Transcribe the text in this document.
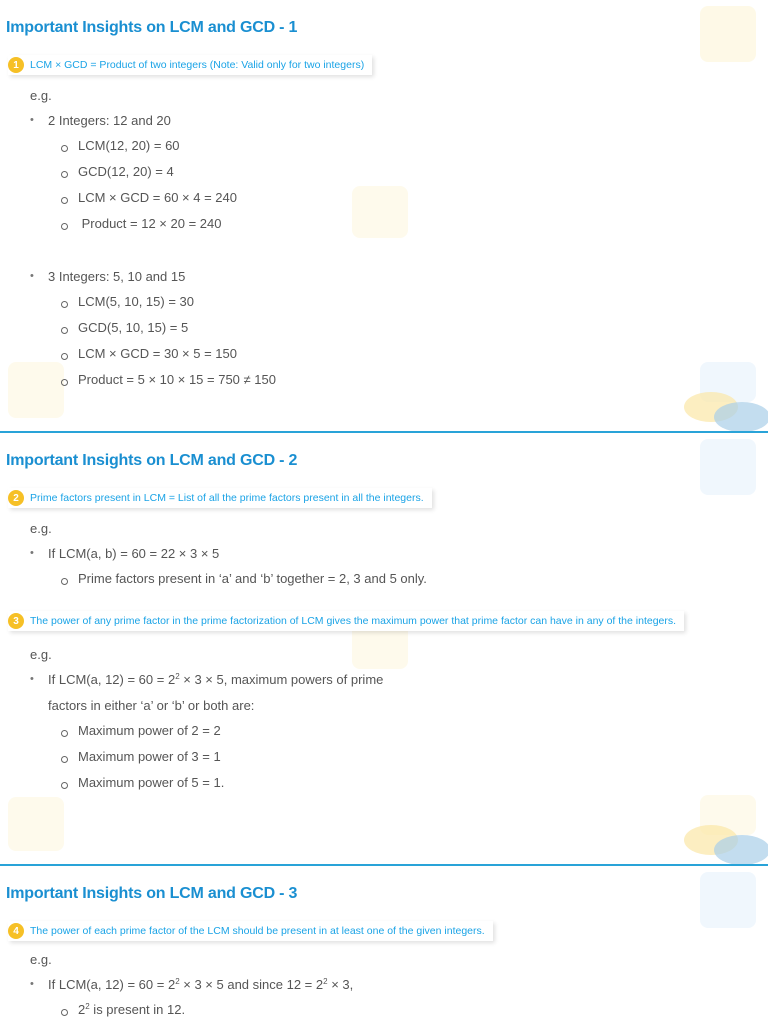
Important Insights on LCM and GCD - 1
1	LCM × GCD = Product of two integers (Note: Valid only for two integers)
e.g.
• 2 Integers: 12 and 20
LCM(12, 20) = 60
GCD(12, 20) = 4
LCM × GCD = 60 × 4 = 240
Product = 12 × 20 = 240
• 3 Integers: 5, 10 and 15
LCM(5, 10, 15) = 30
GCD(5, 10, 15) = 5
LCM × GCD = 30 × 5 = 150
Product = 5 × 10 × 15 = 750 ≠ 150
Important Insights on LCM and GCD - 2
2	Prime factors present in LCM = List of all the prime factors present in all the integers.
e.g.
• If LCM(a, b) = 60 = 22 × 3 × 5
Prime factors present in ‘a’ and ‘b’ together = 2, 3 and 5 only.
3	The power of any prime factor in the prime factorization of LCM gives the maximum power that prime factor can have in any of the integers.
e.g.
• If LCM(a, $12) = 60 = 2^2 \times 3 \times 5$, maximum powers of prime
factors in either ‘a’ or ‘b’ or both are:
Maximum power of 2 = 2
Maximum power of 3 = 1
Maximum power of 5 = 1.
Important Insights on LCM and GCD - 3
4	The power of each prime factor of the LCM should be present in at least one of the given integers.
e.g.
• If LCM(a, $12) = 60 = 2^2 \times 3 \times 5$ and since $12 = 2^2 \times 3$,
$2^2$ is present in 12.
